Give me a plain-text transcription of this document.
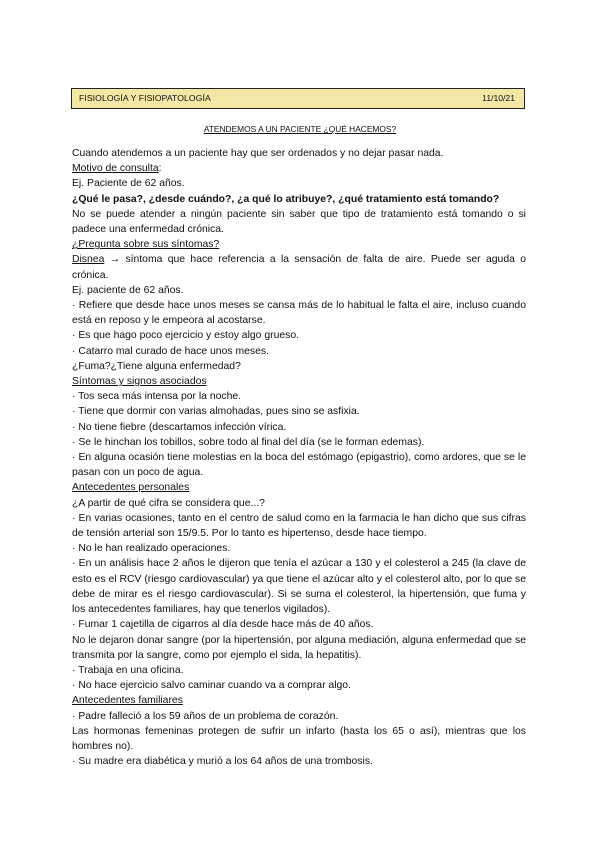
FISIOLOGÍA Y FISIOPATOLOGÍA	11/10/21
ATENDEMOS A UN PACIENTE ¿QUÉ HACEMOS?

Cuando atendemos a un paciente hay que ser ordenados y no dejar pasar nada.

Motivo de consulta:

Ej. Paciente de 62 años.

¿Qué le pasa?, ¿desde cuándo?, ¿a qué lo atribuye?, ¿qué tratamiento está tomando?

No se puede atender a ningún paciente sin saber que tipo de tratamiento está tomando o si padece una enfermedad crónica.

¿Pregunta sobre sus síntomas?

Disnea → síntoma que hace referencia a la sensación de falta de aire. Puede ser aguda o crónica.

Ej. paciente de 62 años.

· Refiere que desde hace unos meses se cansa más de lo habitual le falta el aire, incluso cuando está en reposo y le empeora al acostarse.

· Es que hago poco ejercicio y estoy algo grueso.

· Catarro mal curado de hace unos meses.

¿Fuma?¿Tiene alguna enfermedad?

Síntomas y signos asociados

· Tos seca más intensa por la noche.

· Tiene que dormir con varias almohadas, pues sino se asfixia.

· No tiene fiebre (descartamos infección vírica.

· Se le hinchan los tobillos, sobre todo al final del día (se le forman edemas).

· En alguna ocasión tiene molestias en la boca del estómago (epigastrio), como ardores, que se le pasan con un poco de agua.

Antecedentes personales

¿A partir de qué cifra se considera que...?

· En varias ocasiones, tanto en el centro de salud como en la farmacia le han dicho que sus cifras de tensión arterial son 15/9.5. Por lo tanto es hipertenso, desde hace tiempo.

· No le han realizado operaciones.

· En un análisis hace 2 años le dijeron que tenía el azúcar a 130 y el colesterol a 245 (la clave de esto es el RCV (riesgo cardiovascular) ya que tiene el azúcar alto y el colesterol alto, por lo que se debe de mirar es el riesgo cardiovascular). Si se suma el colesterol, la hipertensión, que fuma y los antecedentes familiares, hay que tenerlos vigilados).

· Fumar 1 cajetilla de cigarros al día desde hace más de 40 años.

No le dejaron donar sangre (por la hipertensión, por alguna mediación, alguna enfermedad que se transmita por la sangre, como por ejemplo el sida, la hepatitis).

· Trabaja en una oficina.

· No hace ejercicio salvo caminar cuando va a comprar algo.

Antecedentes familiares

· Padre falleció a los 59 años de un problema de corazón.

Las hormonas femeninas protegen de sufrir un infarto (hasta los 65 o así), mientras que los hombres no).

· Su madre era diabética y murió a los 64 años de una trombosis.
